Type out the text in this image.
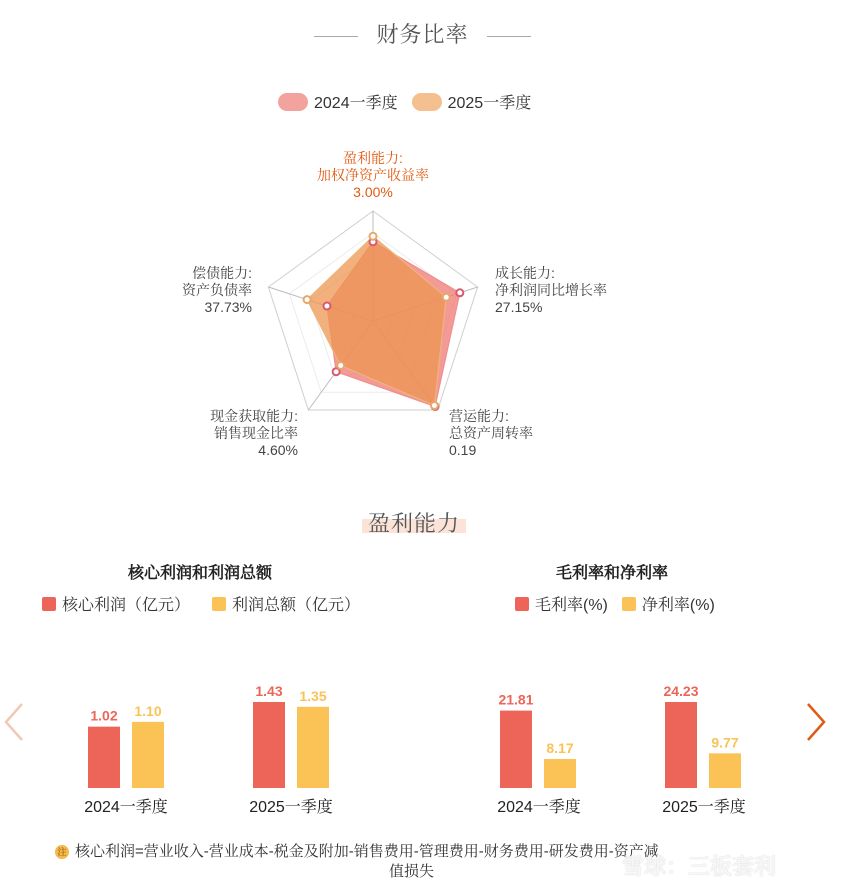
财务比率
2024一季度	2025一季度
盈利能力:
加权净资产收益率
3.00%
成长能力:
净利润同比增长率
27.15%
营运能力:
总资产周转率
0.19
现金获取能力:
销售现金比率
4.60%
偿债能力:
资产负债率
37.73%
盈利能力
核心利润和利润总额	毛利率和净利率
核心利润（亿元）	利润总额（亿元）	毛利率(%) 净利率(%)
1.02 1.10
2024一季度
1.43 1.35
2025一季度
21.81
8.17
2024一季度
24.23
9.77
2025一季度
注 核心利润=营业收入-营业成本-税金及附加-销售费用-管理费用-财务费用-研发费用-资产减
值损失	雪球：三板套利
